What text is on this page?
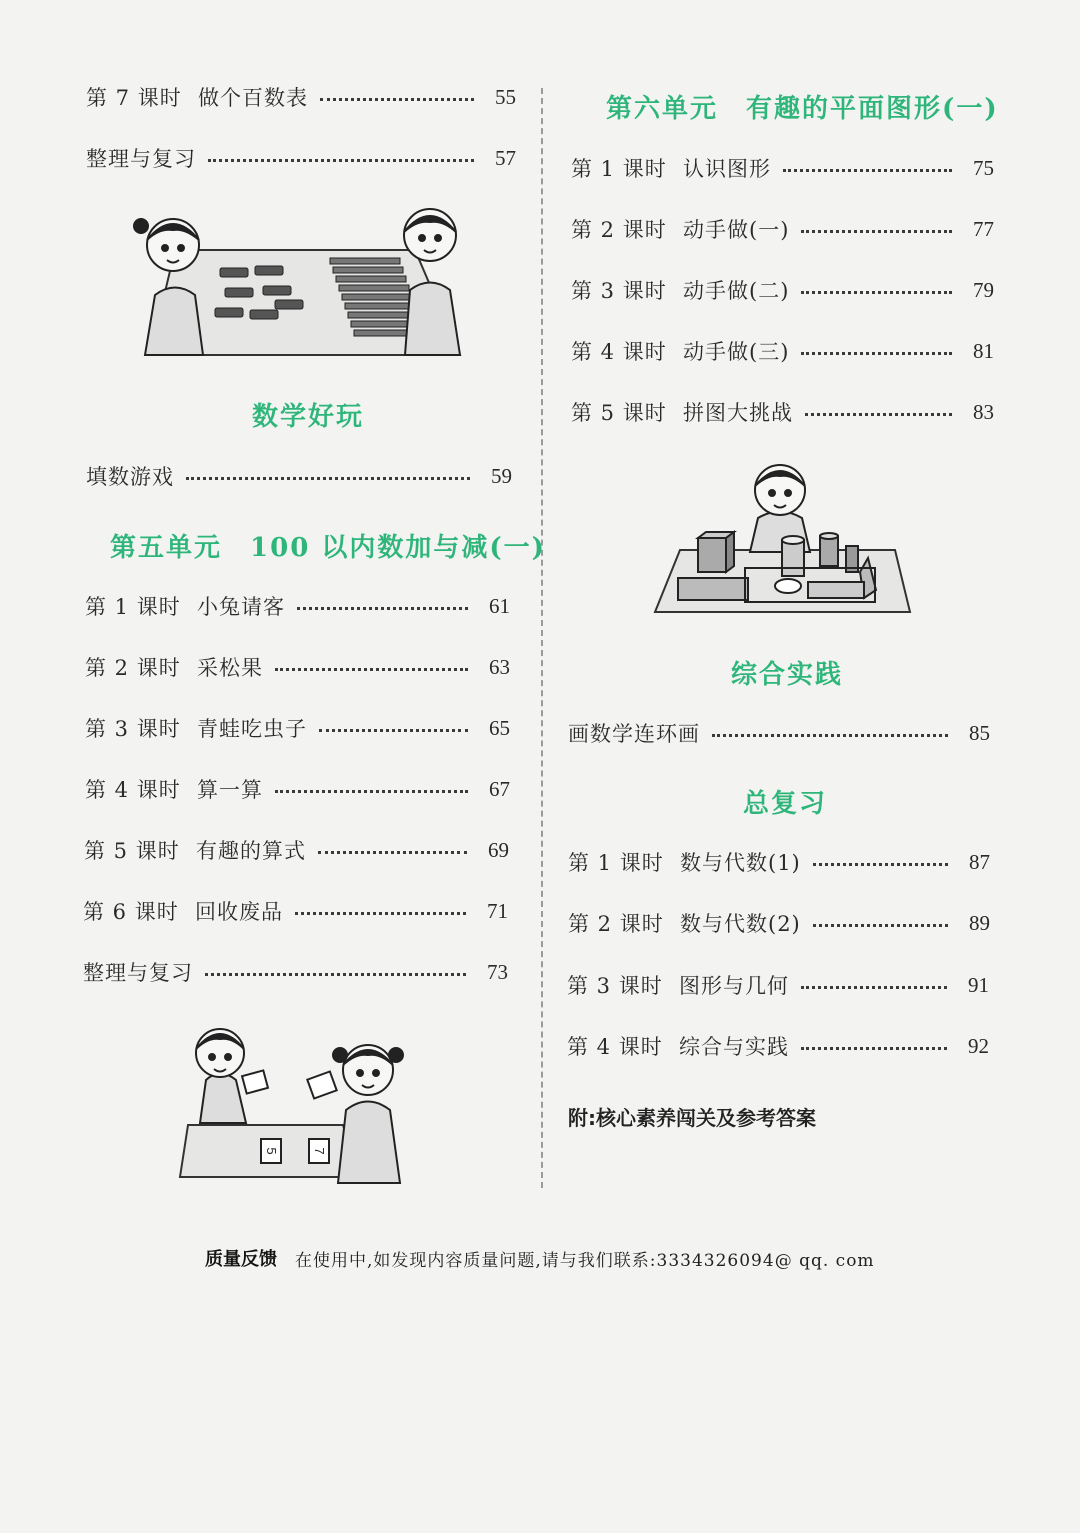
第 7 课时 做个百数表	55
整理与复习	57
数学好玩
填数游戏	59
第五单元 100 以内数加与减(一)
第 1 课时 小兔请客	61
第 2 课时 采松果	63
第 3 课时 青蛙吃虫子	65
第 4 课时 算一算	67
第 5 课时 有趣的算式	69
第 6 课时 回收废品	71
整理与复习	73
5	7
第六单元 有趣的平面图形(一)
第 1 课时 认识图形	75
第 2 课时 动手做(一)	77
第 3 课时 动手做(二)	79
第 4 课时 动手做(三)	81
第 5 课时 拼图大挑战	83
综合实践
画数学连环画	85
总复习
第 1 课时 数与代数(1)	87
第 2 课时 数与代数(2)	89
第 3 课时 图形与几何	91
第 4 课时 综合与实践	92
附:核心素养闯关及参考答案
质量反馈 在使用中,如发现内容质量问题,请与我们联系:3334326094@ qq. com
